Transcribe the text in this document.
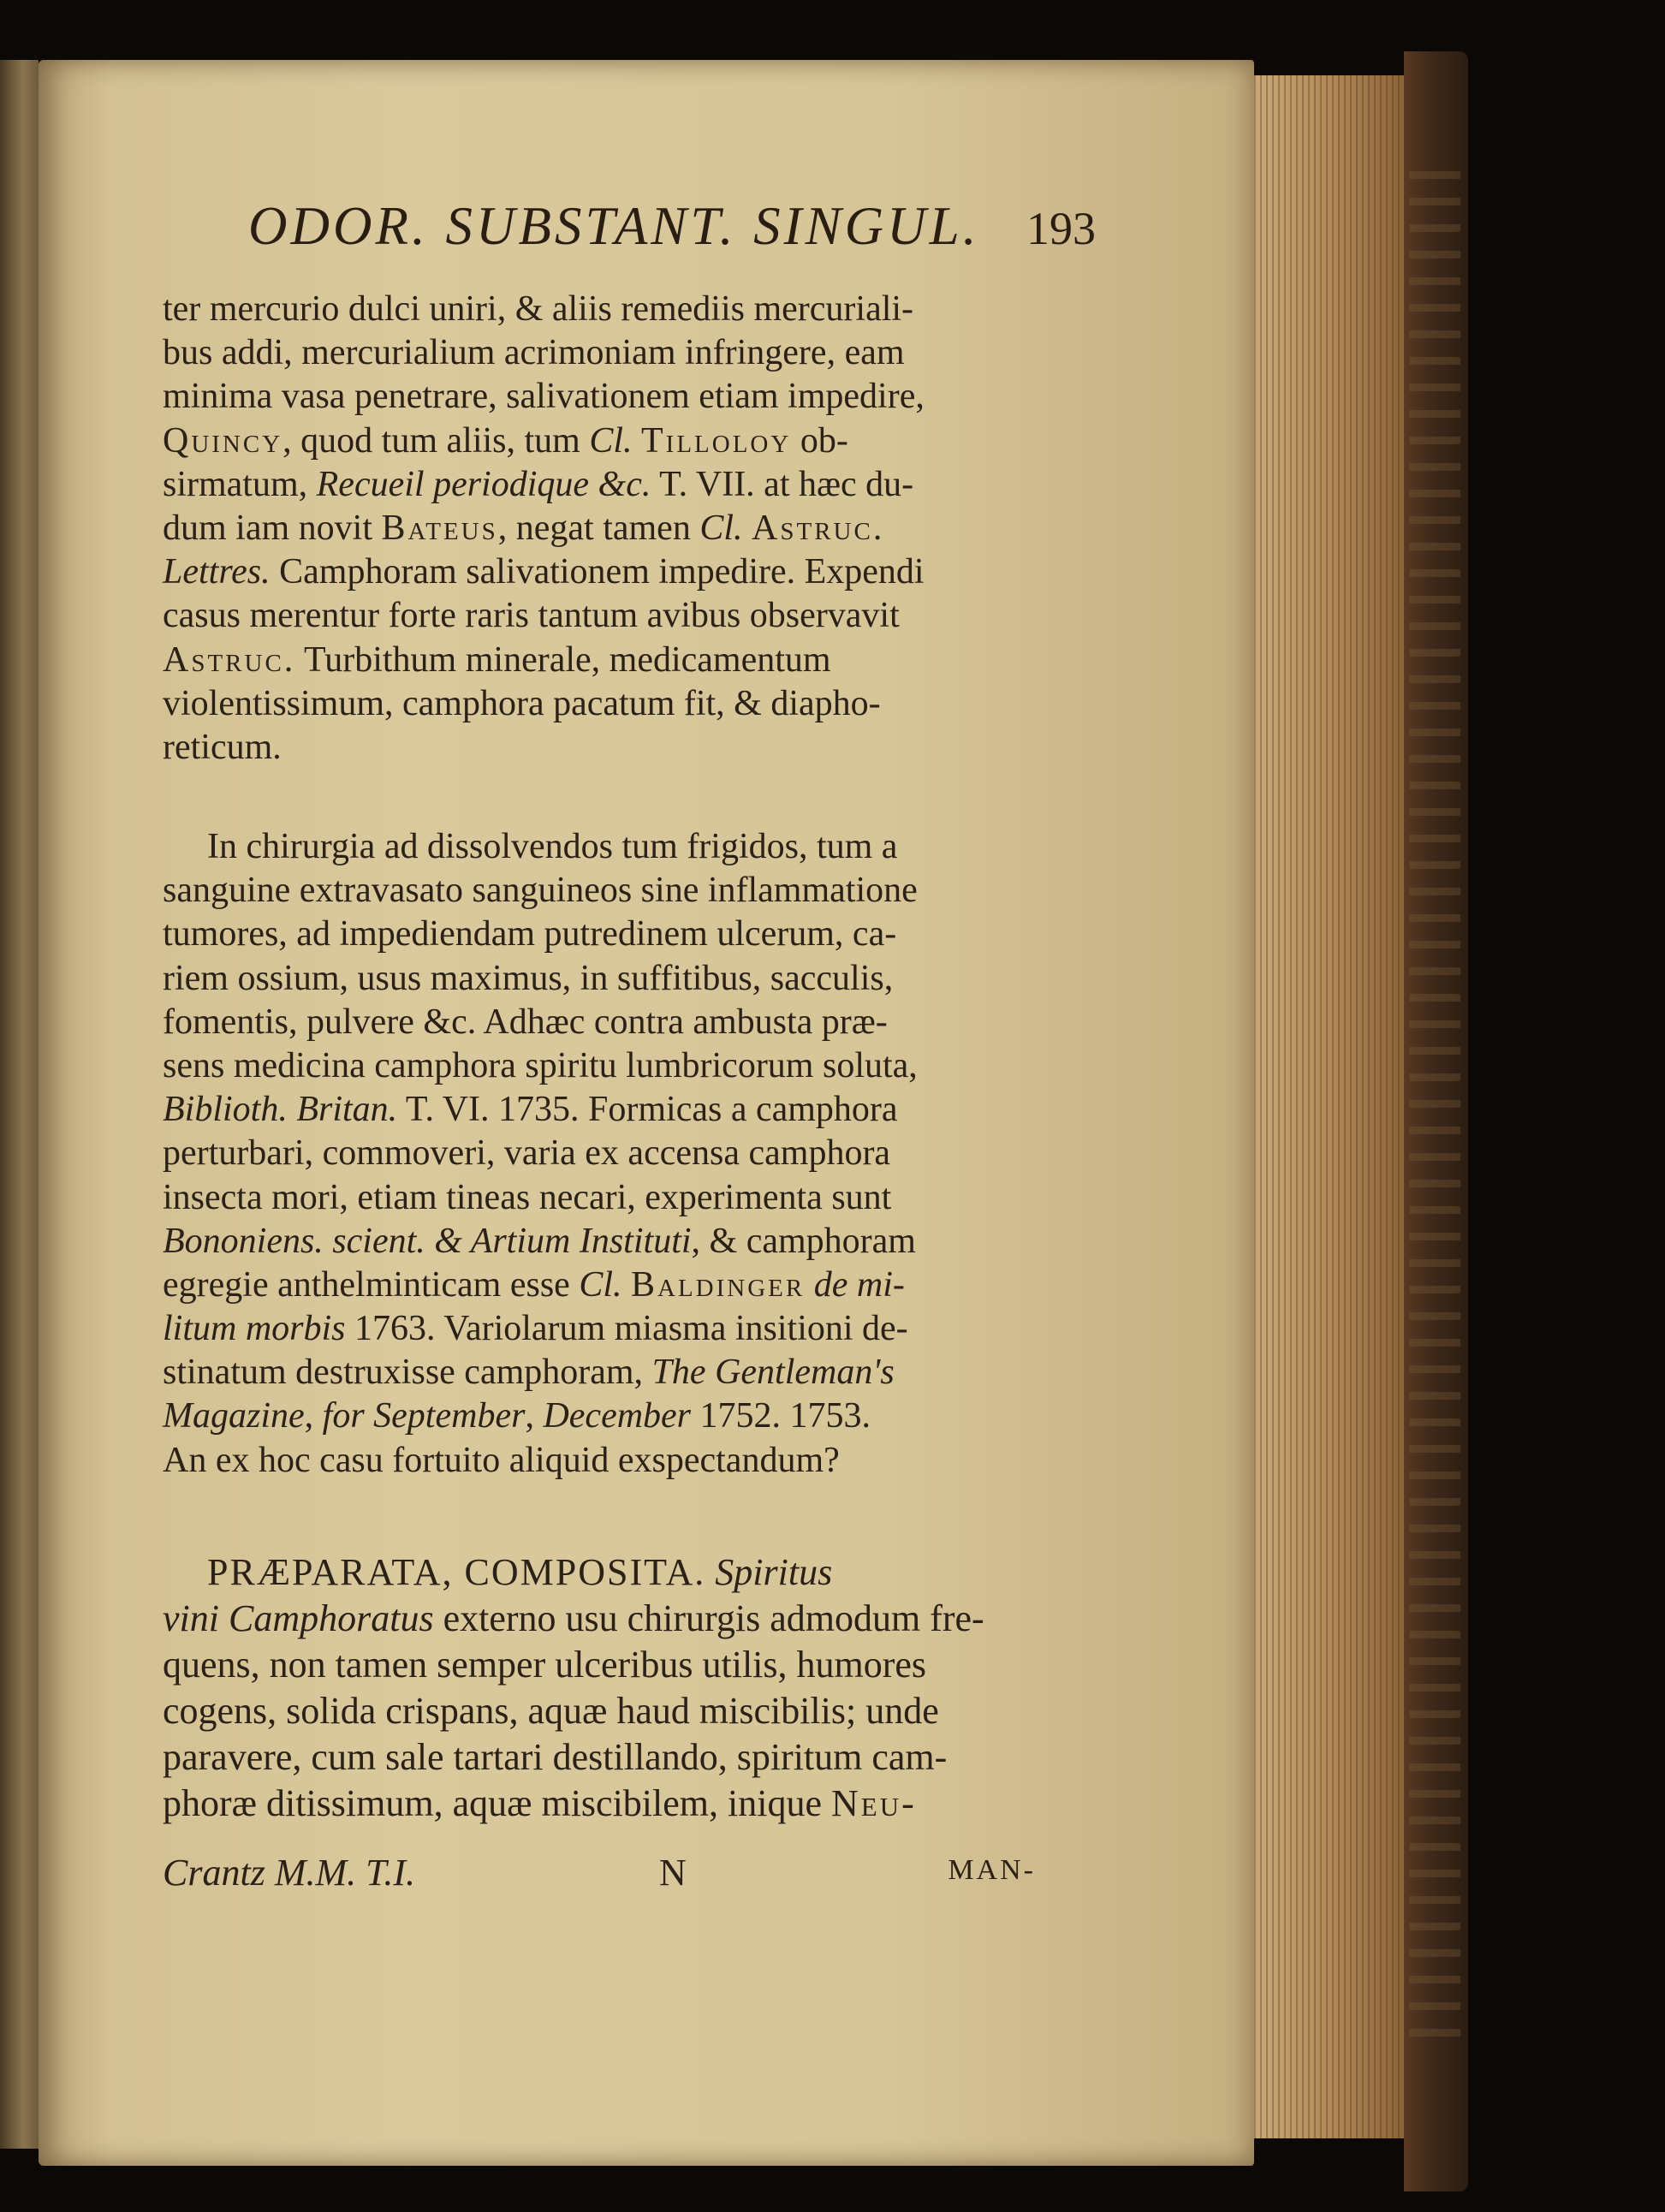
ODOR. SUBSTANT. SINGUL. 193
ter mercurio dulci uniri, & aliis remediis mercuriali-
bus addi, mercurialium acrimoniam infringere, eam
minima vasa penetrare, salivationem etiam impedire,
Quincy, quod tum aliis, tum Cl. Tilloloy ob-
sirmatum, Recueil periodique &c. T. VII. at hæc du-
dum iam novit Bateus, negat tamen Cl. Astruc.
Lettres. Camphoram salivationem impedire. Expendi
casus merentur forte raris tantum avibus observavit
Astruc. Turbithum minerale, medicamentum
violentissimum, camphora pacatum fit, & diapho-
reticum.
In chirurgia ad dissolvendos tum frigidos, tum a
sanguine extravasato sanguineos sine inflammatione
tumores, ad impediendam putredinem ulcerum, ca-
riem ossium, usus maximus, in suffitibus, sacculis,
fomentis, pulvere &c. Adhæc contra ambusta præ-
sens medicina camphora spiritu lumbricorum soluta,
Biblioth. Britan. T. VI. 1735. Formicas a camphora
perturbari, commoveri, varia ex accensa camphora
insecta mori, etiam tineas necari, experimenta sunt
Bononiens. scient. & Artium Instituti, & camphoram
egregie anthelminticam esse Cl. Baldinger de mi-
litum morbis 1763. Variolarum miasma insitioni de-
stinatum destruxisse camphoram, The Gentleman's
Magazine, for September, December 1752. 1753.
An ex hoc casu fortuito aliquid exspectandum?
PRÆPARATA, COMPOSITA. Spiritus
vini Camphoratus externo usu chirurgis admodum fre-
quens, non tamen semper ulceribus utilis, humores
cogens, solida crispans, aquæ haud miscibilis; unde
paravere, cum sale tartari destillando, spiritum cam-
phoræ ditissimum, aquæ miscibilem, inique Neu-
Crantz M.M. T.I.	N	MAN-
